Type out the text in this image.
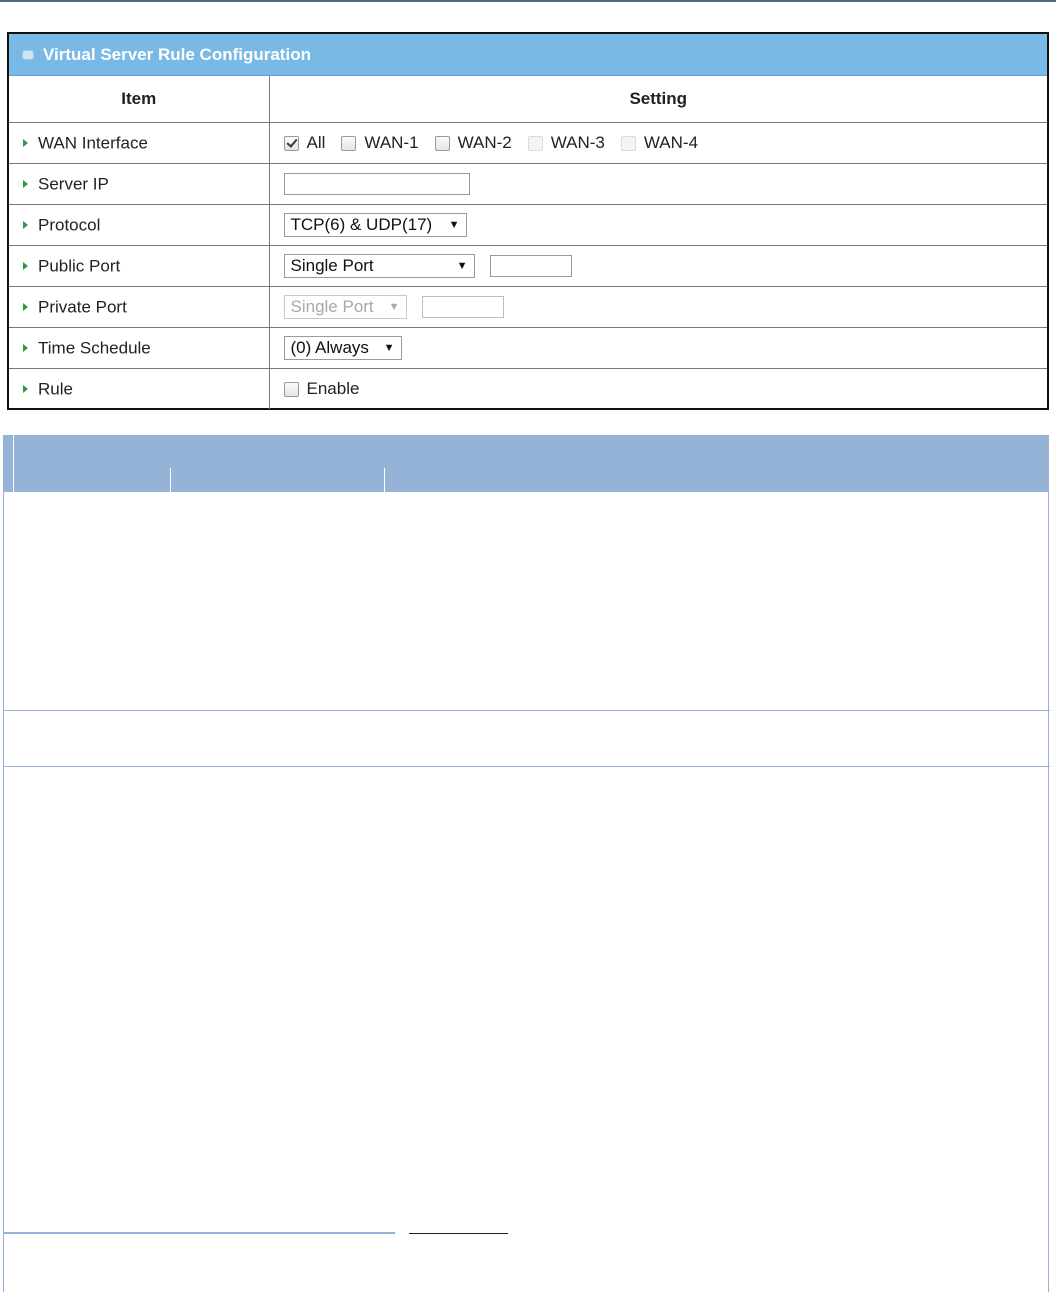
Virtual Server Rule Configuration
Item	Setting
WAN Interface	All WAN-1 WAN-2 WAN-3 WAN-4

Server IP	

Protocol	TCP(6) & UDP(17) ▼

Public Port	Single Port ▼

Private Port	Single Port ▼

Time Schedule	(0) Always ▼

Rule	Enable
